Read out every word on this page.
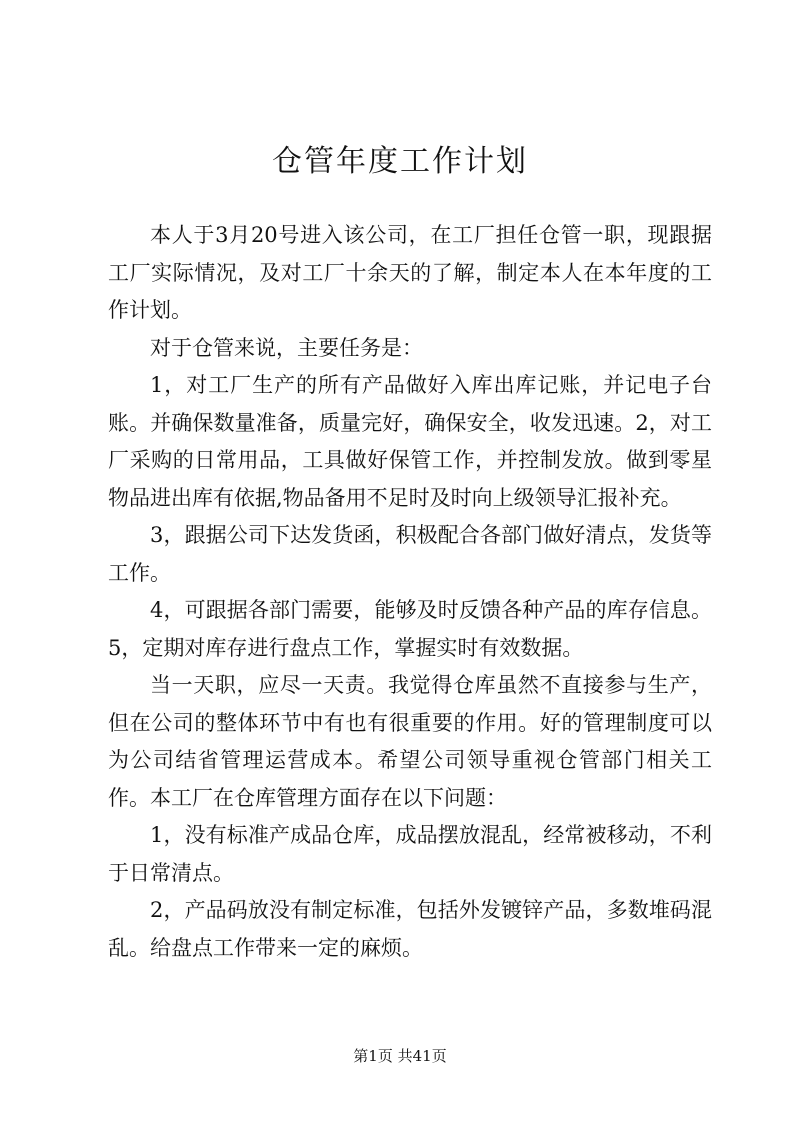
仓管年度工作计划

本人于3月20号进入该公司，在工厂担任仓管一职，现跟据工厂实际情况，及对工厂十余天的了解，制定本人在本年度的工作计划。

对于仓管来说，主要任务是：

1，对工厂生产的所有产品做好入库出库记账，并记电子台账。并确保数量准备，质量完好，确保安全，收发迅速。2，对工厂采购的日常用品，工具做好保管工作，并控制发放。做到零星物品进出库有依据,物品备用不足时及时向上级领导汇报补充。

3，跟据公司下达发货函，积极配合各部门做好清点，发货等工作。

4，可跟据各部门需要，能够及时反馈各种产品的库存信息。5，定期对库存进行盘点工作，掌握实时有效数据。

当一天职，应尽一天责。我觉得仓库虽然不直接参与生产，但在公司的整体环节中有也有很重要的作用。好的管理制度可以为公司结省管理运营成本。希望公司领导重视仓管部门相关工作。本工厂在仓库管理方面存在以下问题：

1，没有标准产成品仓库，成品摆放混乱，经常被移动，不利于日常清点。

2，产品码放没有制定标准，包括外发镀锌产品，多数堆码混乱。给盘点工作带来一定的麻烦。

第1页 共41页
